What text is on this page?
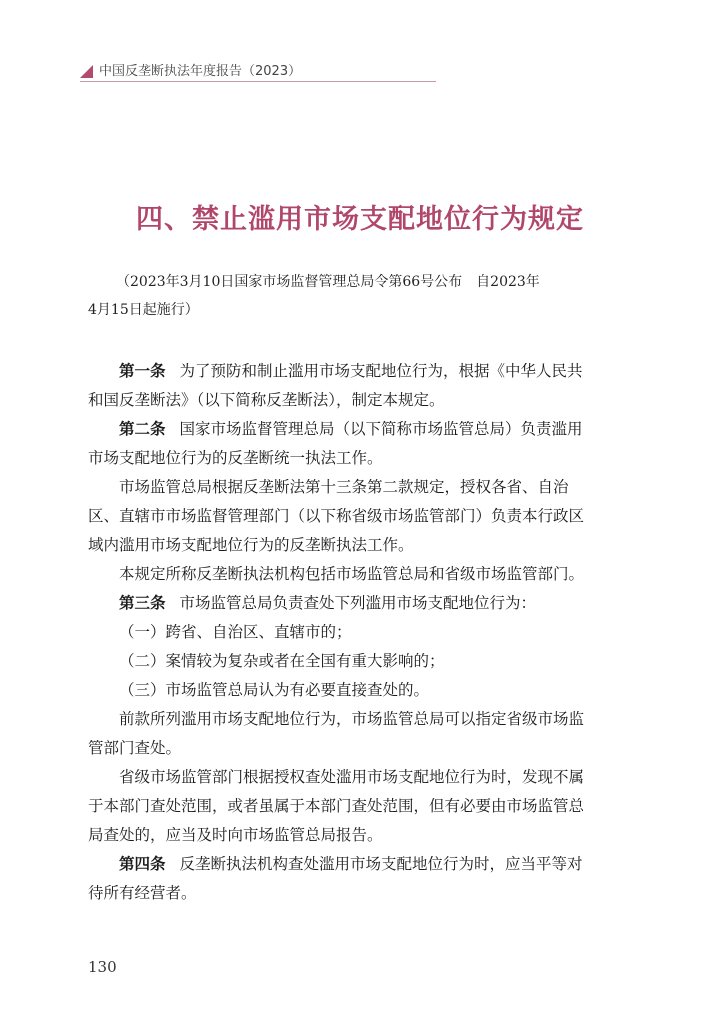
中国反垄断执法年度报告（2023）
四、禁止滥用市场支配地位行为规定
（2023年3月10日国家市场监督管理总局令第66号公布　自2023年
4月15日起施行）
第一条 为了预防和制止滥用市场支配地位行为，根据《中华人民共
和国反垄断法》（以下简称反垄断法），制定本规定。
第二条 国家市场监督管理总局（以下简称市场监管总局）负责滥用
市场支配地位行为的反垄断统一执法工作。
市场监管总局根据反垄断法第十三条第二款规定，授权各省、自治
区、直辖市市场监督管理部门（以下称省级市场监管部门）负责本行政区
域内滥用市场支配地位行为的反垄断执法工作。
本规定所称反垄断执法机构包括市场监管总局和省级市场监管部门。
第三条 市场监管总局负责查处下列滥用市场支配地位行为：
（一）跨省、自治区、直辖市的；
（二）案情较为复杂或者在全国有重大影响的；
（三）市场监管总局认为有必要直接查处的。
前款所列滥用市场支配地位行为，市场监管总局可以指定省级市场监
管部门查处。
省级市场监管部门根据授权查处滥用市场支配地位行为时，发现不属
于本部门查处范围，或者虽属于本部门查处范围，但有必要由市场监管总
局查处的，应当及时向市场监管总局报告。
第四条 反垄断执法机构查处滥用市场支配地位行为时，应当平等对
待所有经营者。
130
